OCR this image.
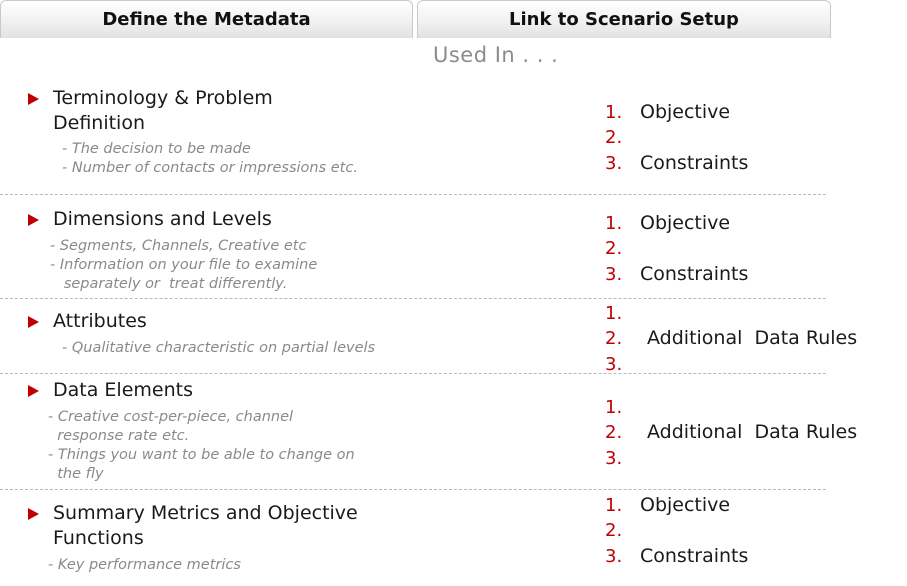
Define the Metadata	Link to Scenario Setup
Used In . . .
Terminology & Problem
Definition
- The decision to be made
- Number of contacts or impressions etc.
1.
2.
3.
Objective
Constraints
Dimensions and Levels
- Segments, Channels, Creative etc
- Information on your file to examine
separately or  treat differently.
1.
2.
3.
Objective
Constraints
Attributes
- Qualitative characteristic on partial levels
1.
2.
3.
Additional  Data Rules
Data Elements
- Creative cost-per-piece, channel
response rate etc.
- Things you want to be able to change on
the fly
1.
2.
3.
Additional  Data Rules
Summary Metrics and Objective
Functions
- Key performance metrics
1.
2.
3.
Objective
Constraints
